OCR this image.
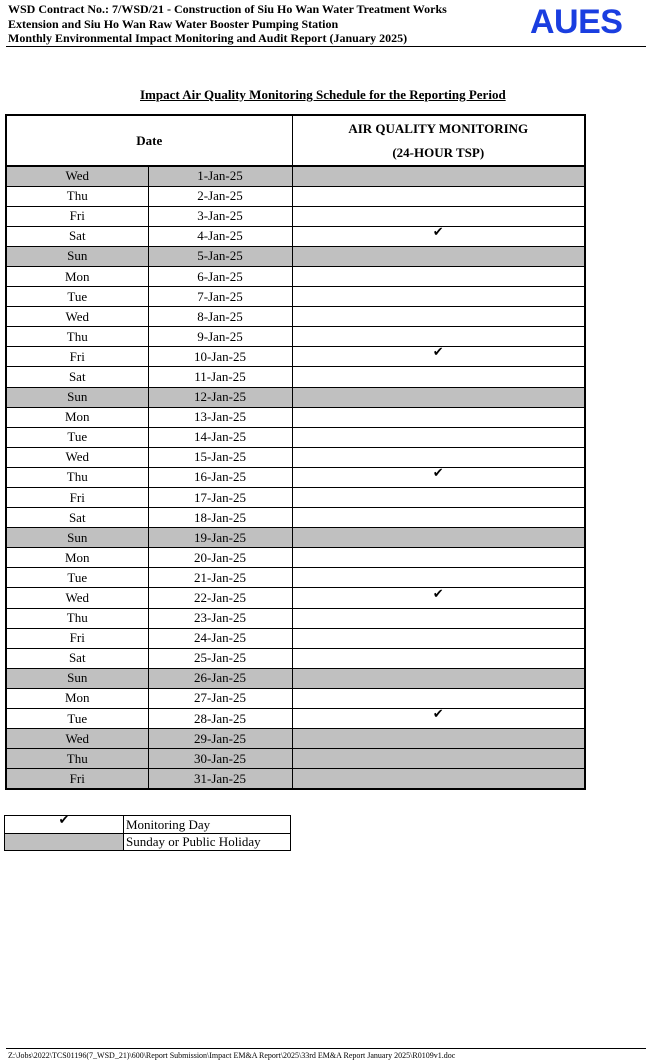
WSD Contract No.: 7/WSD/21 - Construction of Siu Ho Wan Water Treatment Works
Extension and Siu Ho Wan Raw Water Booster Pumping Station
Monthly Environmental Impact Monitoring and Audit Report (January 2025)	AUES
Impact Air Quality Monitoring Schedule for the Reporting Period
Date		AIR QUALITY MONITORING
(24-HOUR TSP)

Wed	1-Jan-25	
Thu	2-Jan-25	
Fri	3-Jan-25	
Sat	4-Jan-25	✔
Sun	5-Jan-25	
Mon	6-Jan-25	
Tue	7-Jan-25	
Wed	8-Jan-25	
Thu	9-Jan-25	
Fri	10-Jan-25	✔
Sat	11-Jan-25	
Sun	12-Jan-25	
Mon	13-Jan-25	
Tue	14-Jan-25	
Wed	15-Jan-25	
Thu	16-Jan-25	✔
Fri	17-Jan-25	
Sat	18-Jan-25	
Sun	19-Jan-25	
Mon	20-Jan-25	
Tue	21-Jan-25	
Wed	22-Jan-25	✔
Thu	23-Jan-25	
Fri	24-Jan-25	
Sat	25-Jan-25	
Sun	26-Jan-25	
Mon	27-Jan-25	
Tue	28-Jan-25	✔
Wed	29-Jan-25	
Thu	30-Jan-25	
Fri	31-Jan-25	
✔	Monitoring Day
	Sunday or Public Holiday
Z:\Jobs\2022\TCS01196(7_WSD_21)\600\Report Submission\Impact EM&A Report\2025\33rd EM&A Report January 2025\R0109v1.doc
